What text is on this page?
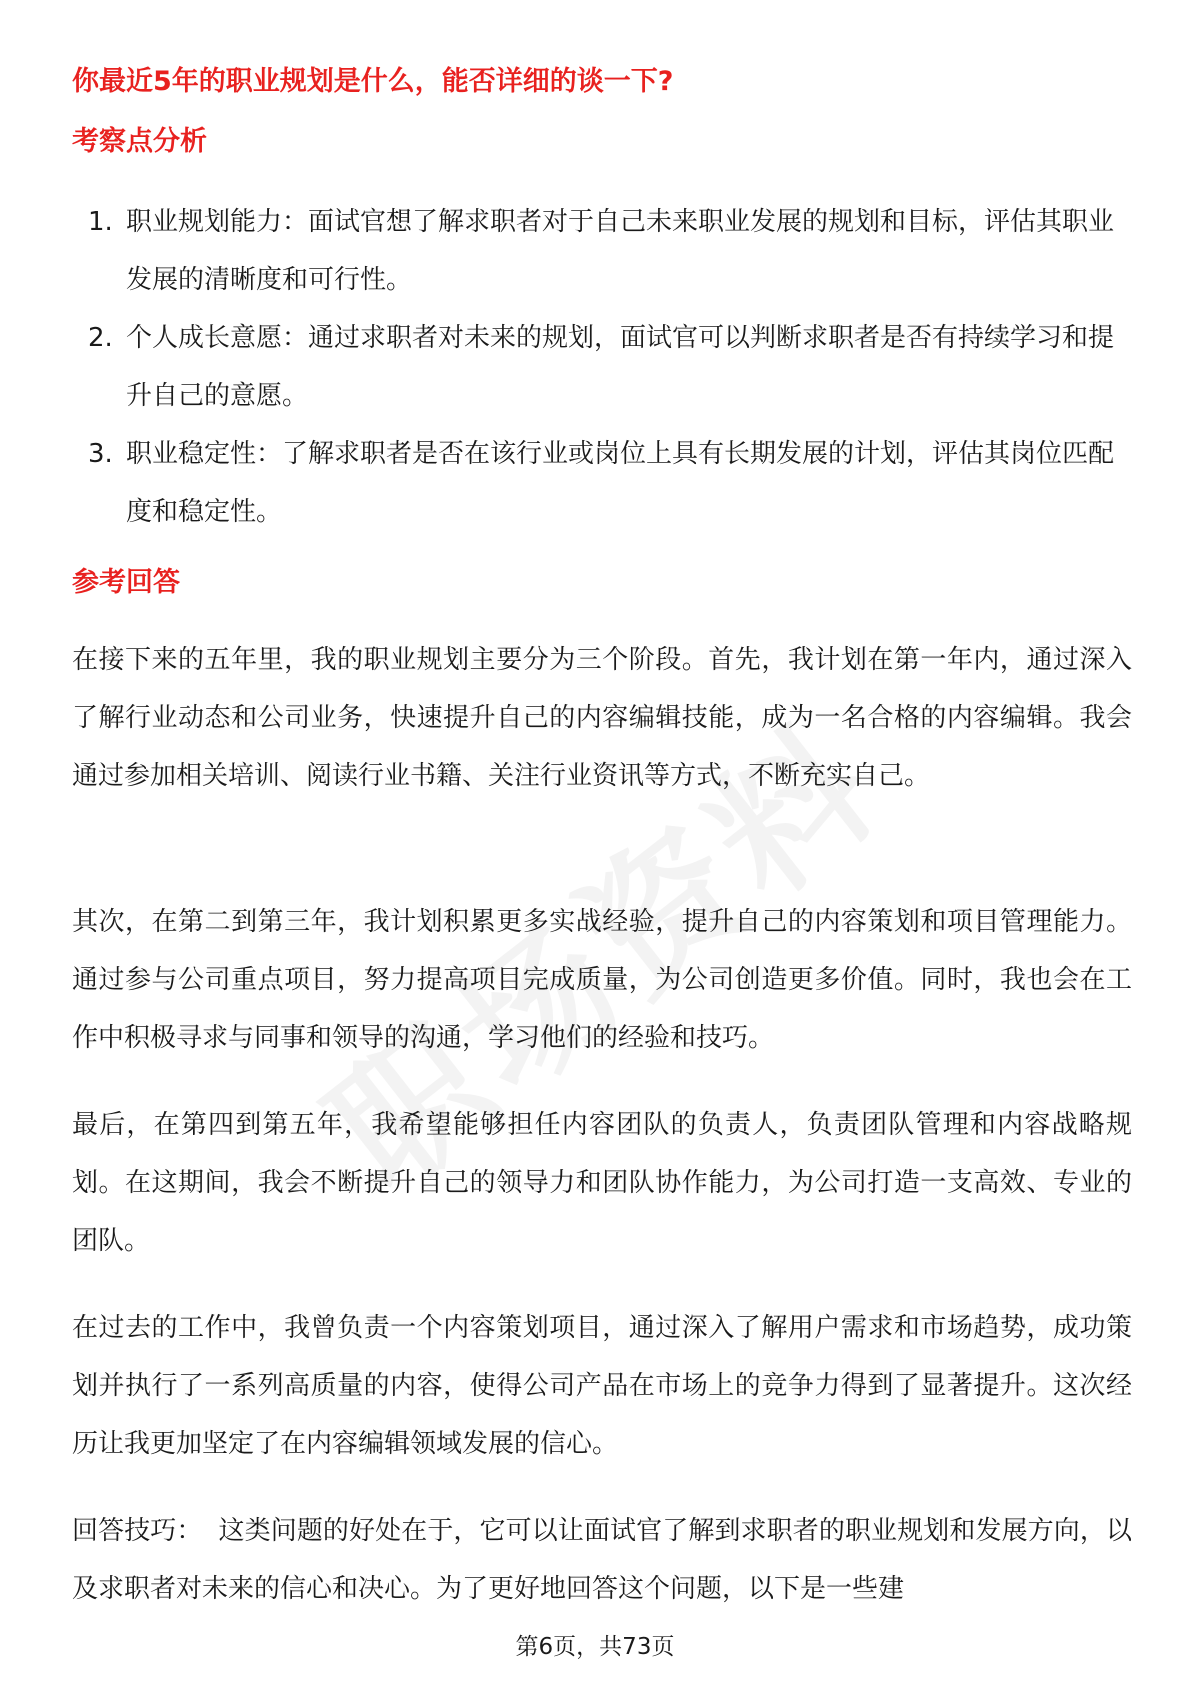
你最近5年的职业规划是什么，能否详细的谈一下?
考察点分析
1. 职业规划能力：面试官想了解求职者对于自己未来职业发展的规划和目标，评估其职业发展的清晰度和可行性。
2. 个人成长意愿：通过求职者对未来的规划，面试官可以判断求职者是否有持续学习和提升自己的意愿。
3. 职业稳定性：了解求职者是否在该行业或岗位上具有长期发展的计划，评估其岗位匹配度和稳定性。
参考回答

在接下来的五年里，我的职业规划主要分为三个阶段。首先，我计划在第一年内，通过深入了解行业动态和公司业务，快速提升自己的内容编辑技能，成为一名合格的内容编辑。我会通过参加相关培训、阅读行业书籍、关注行业资讯等方式，不断充实自己。

其次，在第二到第三年，我计划积累更多实战经验，提升自己的内容策划和项目管理能力。通过参与公司重点项目，努力提高项目完成质量，为公司创造更多价值。同时，我也会在工作中积极寻求与同事和领导的沟通，学习他们的经验和技巧。

最后，在第四到第五年，我希望能够担任内容团队的负责人，负责团队管理和内容战略规划。在这期间，我会不断提升自己的领导力和团队协作能力，为公司打造一支高效、专业的团队。

在过去的工作中，我曾负责一个内容策划项目，通过深入了解用户需求和市场趋势，成功策划并执行了一系列高质量的内容，使得公司产品在市场上的竞争力得到了显著提升。这次经历让我更加坚定了在内容编辑领域发展的信心。

回答技巧： 这类问题的好处在于，它可以让面试官了解到求职者的职业规划和发展方向，以及求职者对未来的信心和决心。为了更好地回答这个问题，以下是一些建

第6页，共73页
